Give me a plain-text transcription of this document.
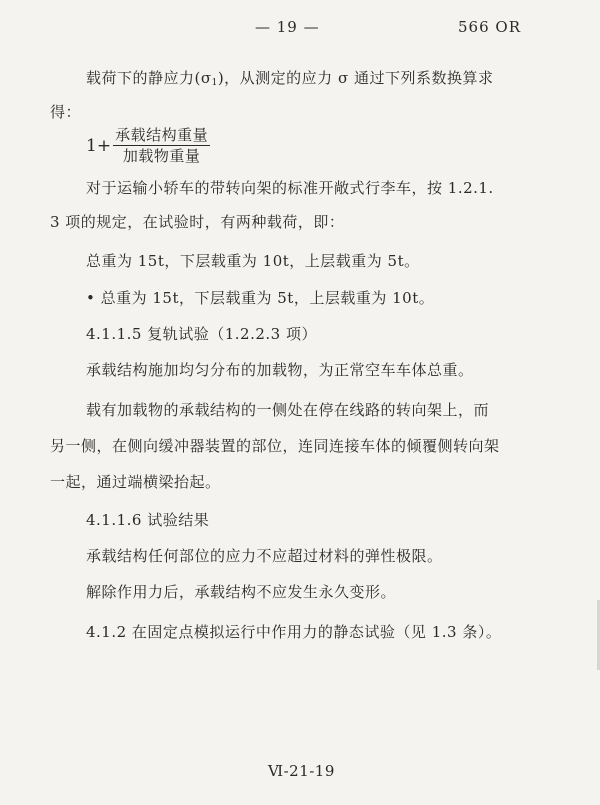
— 19 —	566 OR
载荷下的静应力$(\sigma_1)$，从测定的应力 σ 通过下列系数换算求
得：
$1+ \frac{\text{承载结构重量}}{\text{加载物重量}}$
对于运输小轿车的带转向架的标准开敞式行李车，按 1.2.1.
3 项的规定，在试验时，有两种载荷，即：
总重为 15t，下层载重为 10t，上层载重为 5t。
• 总重为 15t，下层载重为 5t，上层载重为 10t。
4.1.1.5 复轨试验（1.2.2.3 项）
承载结构施加均匀分布的加载物，为正常空车车体总重。
载有加载物的承载结构的一侧处在停在线路的转向架上，而
另一侧，在侧向缓冲器装置的部位，连同连接车体的倾覆侧转向架
一起，通过端横梁抬起。
4.1.1.6 试验结果
承载结构任何部位的应力不应超过材料的弹性极限。
解除作用力后，承载结构不应发生永久变形。
4.1.2 在固定点模拟运行中作用力的静态试验（见 1.3 条）。
Ⅵ-21-19
